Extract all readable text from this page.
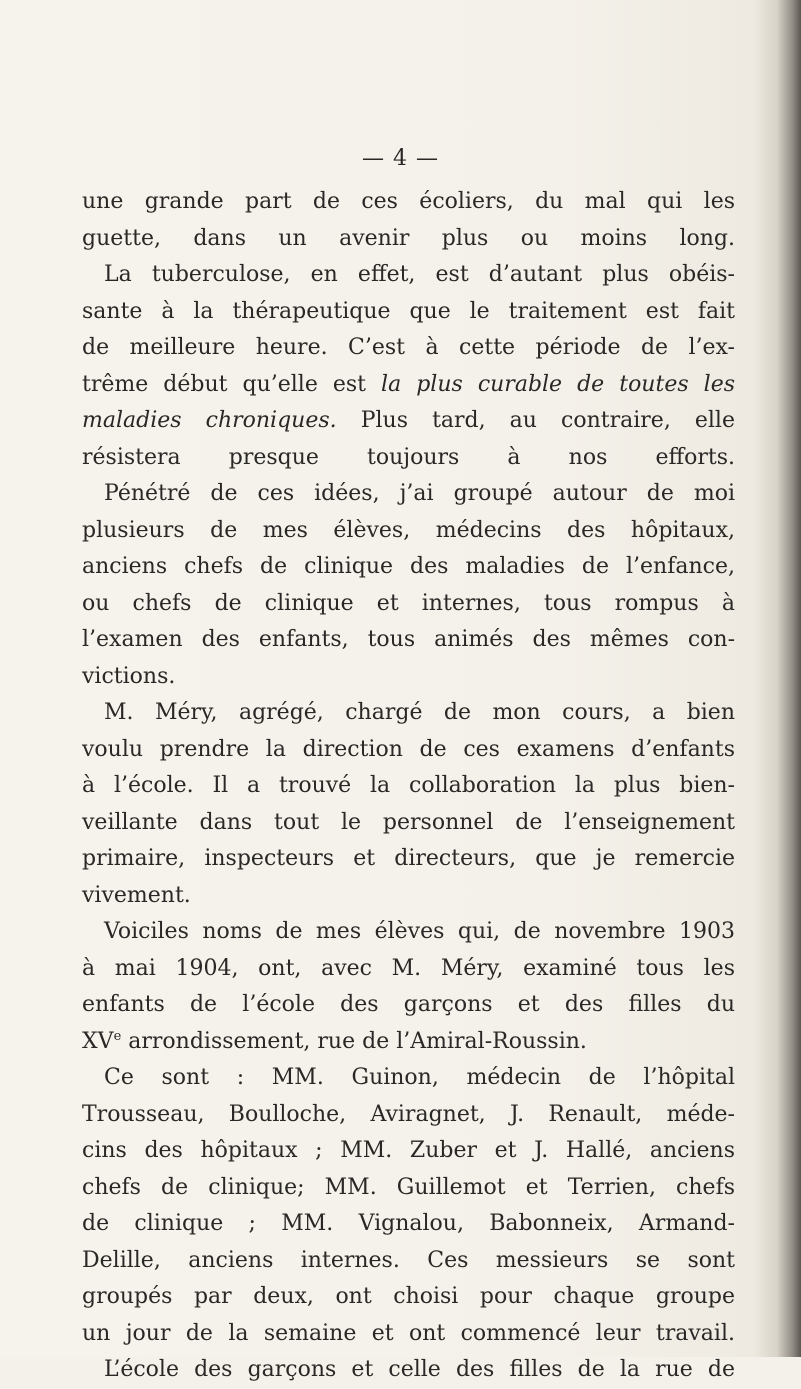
— 4 —

une grande part de ces écoliers, du mal qui les
guette, dans un avenir plus ou moins long.
La tuberculose, en effet, est d’autant plus obéis-
sante à la thérapeutique que le traitement est fait
de meilleure heure. C’est à cette période de l’ex-
trême début qu’elle est la plus curable de toutes les
maladies chroniques. Plus tard, au contraire, elle
résistera presque toujours à nos efforts.
Pénétré de ces idées, j’ai groupé autour de moi
plusieurs de mes élèves, médecins des hôpitaux,
anciens chefs de clinique des maladies de l’enfance,
ou chefs de clinique et internes, tous rompus à
l’examen des enfants, tous animés des mêmes con-
victions.
M. Méry, agrégé, chargé de mon cours, a bien
voulu prendre la direction de ces examens d’enfants
à l’école. Il a trouvé la collaboration la plus bien-
veillante dans tout le personnel de l’enseignement
primaire, inspecteurs et directeurs, que je remercie
vivement.
Voiciles noms de mes élèves qui, de novembre 1903
à mai 1904, ont, avec M. Méry, examiné tous les
enfants de l’école des garçons et des filles du
XVe arrondissement, rue de l’Amiral-Roussin.
Ce sont : MM. Guinon, médecin de l’hôpital
Trousseau, Boulloche, Aviragnet, J. Renault, méde-
cins des hôpitaux ; MM. Zuber et J. Hallé, anciens
chefs de clinique; MM. Guillemot et Terrien, chefs
de clinique ; MM. Vignalou, Babonneix, Armand-
Delille, anciens internes. Ces messieurs se sont
groupés par deux, ont choisi pour chaque groupe
un jour de la semaine et ont commencé leur travail.
L’école des garçons et celle des filles de la rue de
